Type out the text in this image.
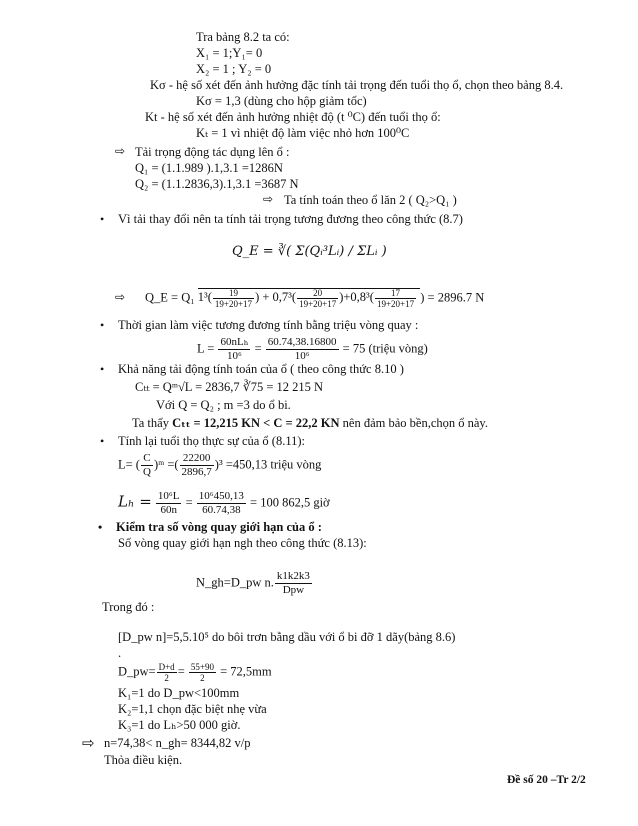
Tra bảng 8.2 ta có:
X₁ = 1;Y₁= 0
X₂ = 1 ; Y₂ = 0
Kσ - hệ số xét đến ảnh hưởng đặc tính tải trọng đến tuổi thọ ổ, chọn theo bảng 8.4.
Kσ = 1,3 (dùng cho hộp giảm tốc)
Kt - hệ số xét đến ảnh hưởng nhiệt độ (t ⁰C) đến tuổi thọ ổ:
Kₜ = 1 vì nhiệt độ làm việc nhỏ hơn 100⁰C
⇨ Tải trọng động tác dụng lên ổ :
Q₁ = (1.1.989 ).1,3.1 =1286N
Q₂ = (1.1.2836,3).1,3.1 =3687 N
⇨ Ta tính toán theo ổ lăn 2 ( Q₂>Q₁ )
• Vì tải thay đổi nên ta tính tải trọng tương đương theo công thức (8.7)
Q_E = ∛( Σ(Qᵢ³Lᵢ) / ΣLᵢ )
⇨ Q_E = Q₁ $1^3( \frac{19}{19+20+17}$ ) + $0,7^3( \frac{20}{19+20+17} )+0,8^3( \frac{17}{19+20+17}$ ) = 2896.7 N
• Thời gian làm việc tương đương tính bằng triệu vòng quay :
$L = \frac{\text{60nLₕ}}{\text{10⁶}} = \frac{60.74,38.16800}{\text{10⁶}} = 75$ (triệu vòng)
• Khả năng tải động tính toán của ổ ( theo công thức 8.10 )
Cₜₜ = Qᵐ√L = 2836,7 ∛75 = 12 215 N
Với Q = Q₂ ; m =3 do ổ bi.
Ta thấy Cₜₜ = 12,215 KN < C = 22,2 KN nên đảm bảo bền,chọn ổ này.
• Tính lại tuổi thọ thực sự của ổ (8.11):
L= ( $\frac{C}{Q}$ )ᵐ =( $\frac{22200}{2896,7} )^3 =450,13$ triệu vòng
$L_h = \frac{\text{10⁶L}}{60n} = \frac{\text{10⁶450,13}}{60.74,38} = 100$ 862,5 giờ
• Kiểm tra số vòng quay giới hạn của ổ :
Số vòng quay giới hạn ngh theo công thức (8.13):
N_gh=D_pw n. $\frac{k1k2k3}{\text{Dpw}}$
Trong đó :
[D_pw n]=5,5.10⁵ do bôi trơn bằng dầu với ổ bi đỡ 1 dãy(bảng 8.6)
.
D_pw= $\frac{D+d}{2} = \frac{55+90}{2} = 72,5mm$
K₁=1 do D_pw<100mm
K₂=1,1 chọn đặc biệt nhẹ vừa
K₃=1 do Lₕ>50 000 giờ.
⇨ n=74,38< n_gh= 8344,82 v/p
Thỏa điều kiện.
Đề số 20 –Tr 2/2
